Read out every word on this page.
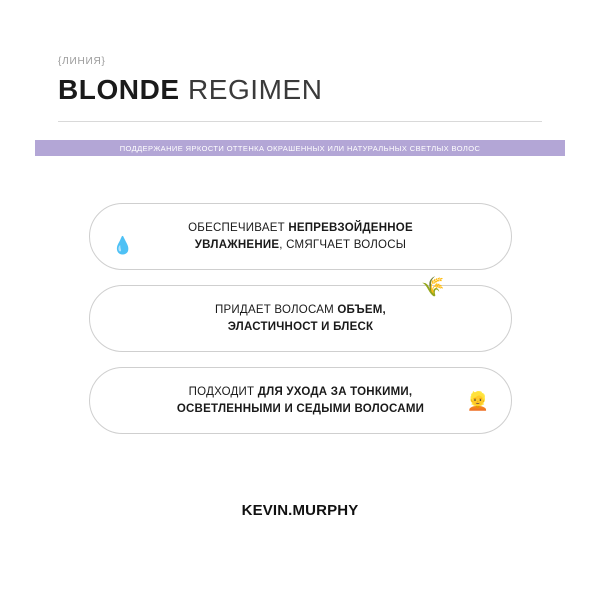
{ЛИНИЯ}

BLONDE REGIMEN
ПОДДЕРЖАНИЕ ЯРКОСТИ ОТТЕНКА ОКРАШЕННЫХ ИЛИ НАТУРАЛЬНЫХ СВЕТЛЫХ ВОЛОС
💧
ОБЕСПЕЧИВАЕТ НЕПРЕВЗОЙДЕННОЕ
УВЛАЖНЕНИЕ, СМЯГЧАЕТ ВОЛОСЫ
🌾
ПРИДАЕТ ВОЛОСАМ ОБЪЕМ,
ЭЛАСТИЧНОСТ И БЛЕСК
👱
ПОДХОДИТ ДЛЯ УХОДА ЗА ТОНКИМИ,
ОСВЕТЛЕННЫМИ И СЕДЫМИ ВОЛОСАМИ
KEVIN.MURPHY
